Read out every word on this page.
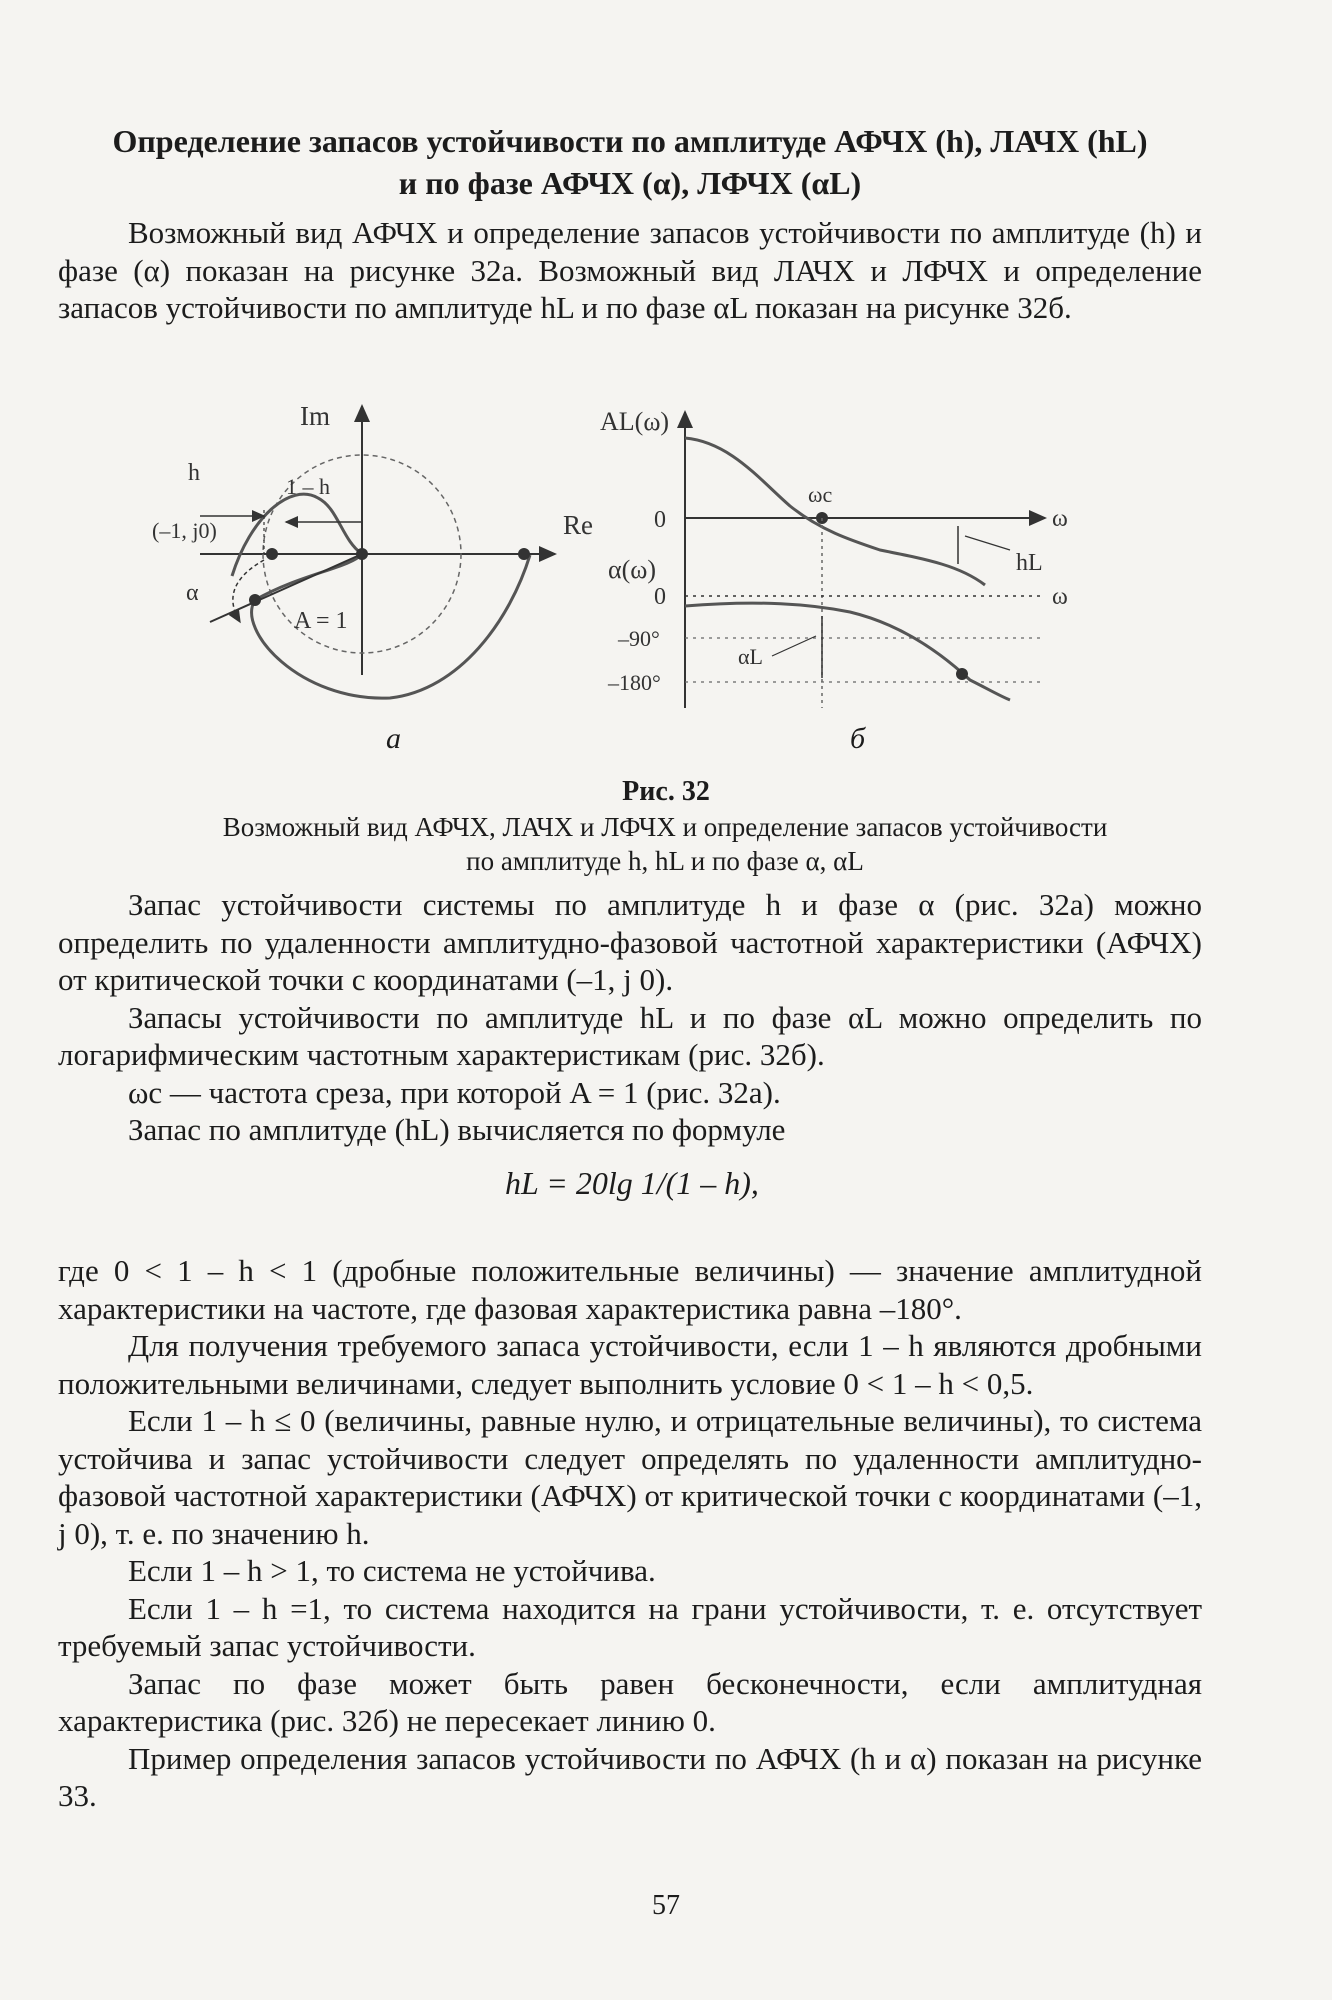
Определение запасов устойчивости по амплитуде АФЧХ (h), ЛАЧХ (hL)
и по фазе АФЧХ (α), ЛФЧХ (αL)

Возможный вид АФЧХ и определение запасов устойчивости по амплитуде (h) и фазе (α) показан на рисунке 32а. Возможный вид ЛАЧХ и ЛФЧХ и определение запасов устойчивости по амплитуде hL и по фазе αL показан на рисунке 32б.

Im
Re
h
1 – h
(–1, j0)
α
A = 1
AL(ω)
0	ω
ωc
hL
α(ω)
0	ω
–90°
–180°
αL
а	б
Рис. 32
Возможный вид АФЧХ, ЛАЧХ и ЛФЧХ и определение запасов устойчивости
по амплитуде h, hL и по фазе α, αL

Запас устойчивости системы по амплитуде h и фазе α (рис. 32а) можно определить по удаленности амплитудно-фазовой частотной характеристики (АФЧХ) от критической точки с координатами (–1, j 0).

Запасы устойчивости по амплитуде hL и по фазе αL можно определить по логарифмическим частотным характеристикам (рис. 32б).

ωc — частота среза, при которой A = 1 (рис. 32а).

Запас по амплитуде (hL) вычисляется по формуле

hL = 20lg 1/(1 – h),

где 0 < 1 – h < 1 (дробные положительные величины) — значение амплитудной характеристики на частоте, где фазовая характеристика равна –180°.

Для получения требуемого запаса устойчивости, если 1 – h являются дробными положительными величинами, следует выполнить условие 0 < 1 – h < 0,5.

Если 1 – h ≤ 0 (величины, равные нулю, и отрицательные величины), то система устойчива и запас устойчивости следует определять по удаленности амплитудно-фазовой частотной характеристики (АФЧХ) от критической точки с координатами (–1, j 0), т. е. по значению h.

Если 1 – h > 1, то система не устойчива.

Если 1 – h =1, то система находится на грани устойчивости, т. е. отсутствует требуемый запас устойчивости.

Запас по фазе может быть равен бесконечности, если амплитудная характеристика (рис. 32б) не пересекает линию 0.

Пример определения запасов устойчивости по АФЧХ (h и α) показан на рисунке 33.

57
